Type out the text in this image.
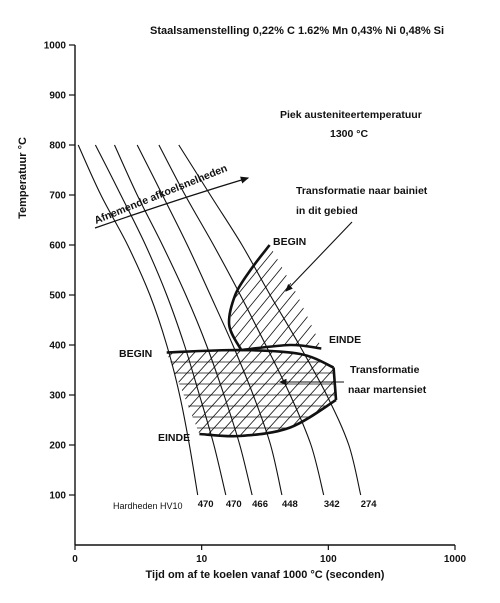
Staalsamenstelling 0,22% C 1.62% Mn 0,43% Ni 0,48% Si
100
200
300
400
500
600
700
800
900
1000
0	10	100	1000
Temperatuur °C
Tijd om af te koelen vanaf 1000 °C (seconden)
Afnemende afkoelsnelheden
Piek austeniteertemperatuur
1300 °C
Transformatie naar bainiet
in dit gebied
Transformatie
naar martensiet
BEGIN
EINDE
BEGIN
EINDE
Hardheden HV10 470 470 466 448	342 274
